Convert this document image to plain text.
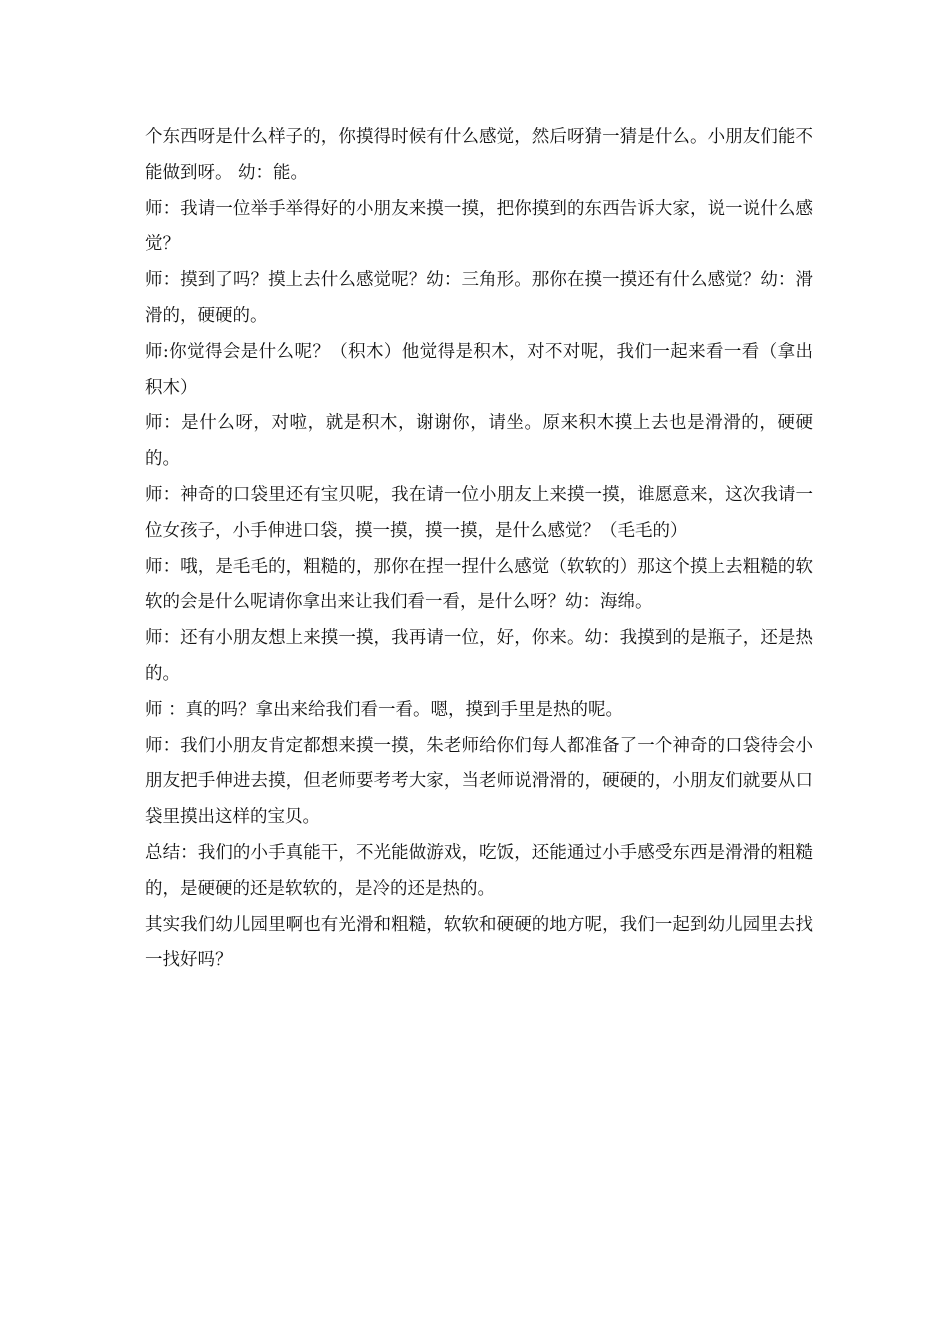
个东西呀是什么样子的，你摸得时候有什么感觉，然后呀猜一猜是什么。小朋友们能不能做到呀。 幼：能。

师：我请一位举手举得好的小朋友来摸一摸，把你摸到的东西告诉大家，说一说什么感觉？

师：摸到了吗？摸上去什么感觉呢？幼：三角形。那你在摸一摸还有什么感觉？幼：滑滑的，硬硬的。

师:你觉得会是什么呢？（积木）他觉得是积木，对不对呢，我们一起来看一看（拿出积木）

师：是什么呀，对啦，就是积木，谢谢你，请坐。原来积木摸上去也是滑滑的，硬硬的。

师：神奇的口袋里还有宝贝呢，我在请一位小朋友上来摸一摸，谁愿意来，这次我请一位女孩子，小手伸进口袋，摸一摸，摸一摸，是什么感觉？（毛毛的）

师：哦，是毛毛的，粗糙的，那你在捏一捏什么感觉（软软的）那这个摸上去粗糙的软软的会是什么呢请你拿出来让我们看一看，是什么呀？幼：海绵。

师：还有小朋友想上来摸一摸，我再请一位，好，你来。幼：我摸到的是瓶子，还是热的。

师 ：真的吗？拿出来给我们看一看。嗯，摸到手里是热的呢。

师：我们小朋友肯定都想来摸一摸，朱老师给你们每人都准备了一个神奇的口袋待会小朋友把手伸进去摸，但老师要考考大家，当老师说滑滑的，硬硬的，小朋友们就要从口袋里摸出这样的宝贝。

总结：我们的小手真能干，不光能做游戏，吃饭，还能通过小手感受东西是滑滑的粗糙的，是硬硬的还是软软的，是冷的还是热的。

其实我们幼儿园里啊也有光滑和粗糙，软软和硬硬的地方呢，我们一起到幼儿园里去找一找好吗？
